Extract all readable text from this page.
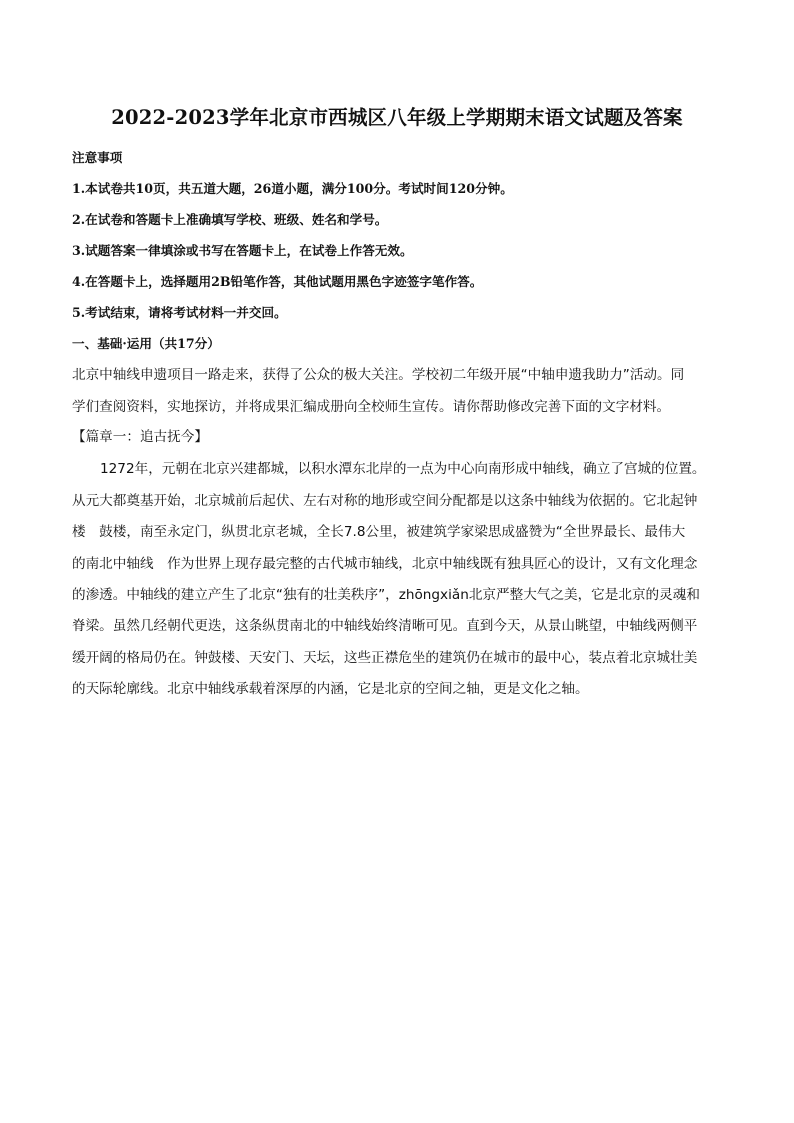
2022-2023学年北京市西城区八年级上学期期末语文试题及答案
注意事项
1.本试卷共10页，共五道大题，26道小题，满分100分。考试时间120分钟。
2.在试卷和答题卡上准确填写学校、班级、姓名和学号。
3.试题答案一律填涂或书写在答题卡上，在试卷上作答无效。
4.在答题卡上，选择题用2B铅笔作答，其他试题用黑色字迹签字笔作答。
5.考试结束，请将考试材料一并交回。
一、基础·运用（共17分）
北京中轴线申遗项目一路走来，获得了公众的极大关注。学校初二年级开展“中轴申遗我助力”活动。同
学们查阅资料，实地探访，并将成果汇编成册向全校师生宣传。请你帮助修改完善下面的文字材料。
【篇章一：追古抚今】
1272年，元朝在北京兴建都城，以积水潭东北岸的一点为中心向南形成中轴线，确立了宫城的位置。
从元大都奠基开始，北京城前后起伏、左右对称的地形或空间分配都是以这条中轴线为依据的。它北起钟
楼　鼓楼，南至永定门，纵贯北京老城，全长7.8公里，被建筑学家梁思成盛赞为“全世界最长、最伟大
的南北中轴线　作为世界上现存最完整的古代城市轴线，北京中轴线既有独具匠心的设计，又有文化理念
的渗透。中轴线的建立产生了北京“独有的壮美秩序”，zhōngxiǎn北京严整大气之美，它是北京的灵魂和
脊梁。虽然几经朝代更迭，这条纵贯南北的中轴线始终清晰可见。直到今天，从景山眺望，中轴线两侧平
缓开阔的格局仍在。钟鼓楼、天安门、天坛，这些正襟危坐的建筑仍在城市的最中心，装点着北京城壮美
的天际轮廓线。北京中轴线承载着深厚的内涵，它是北京的空间之轴，更是文化之轴。
